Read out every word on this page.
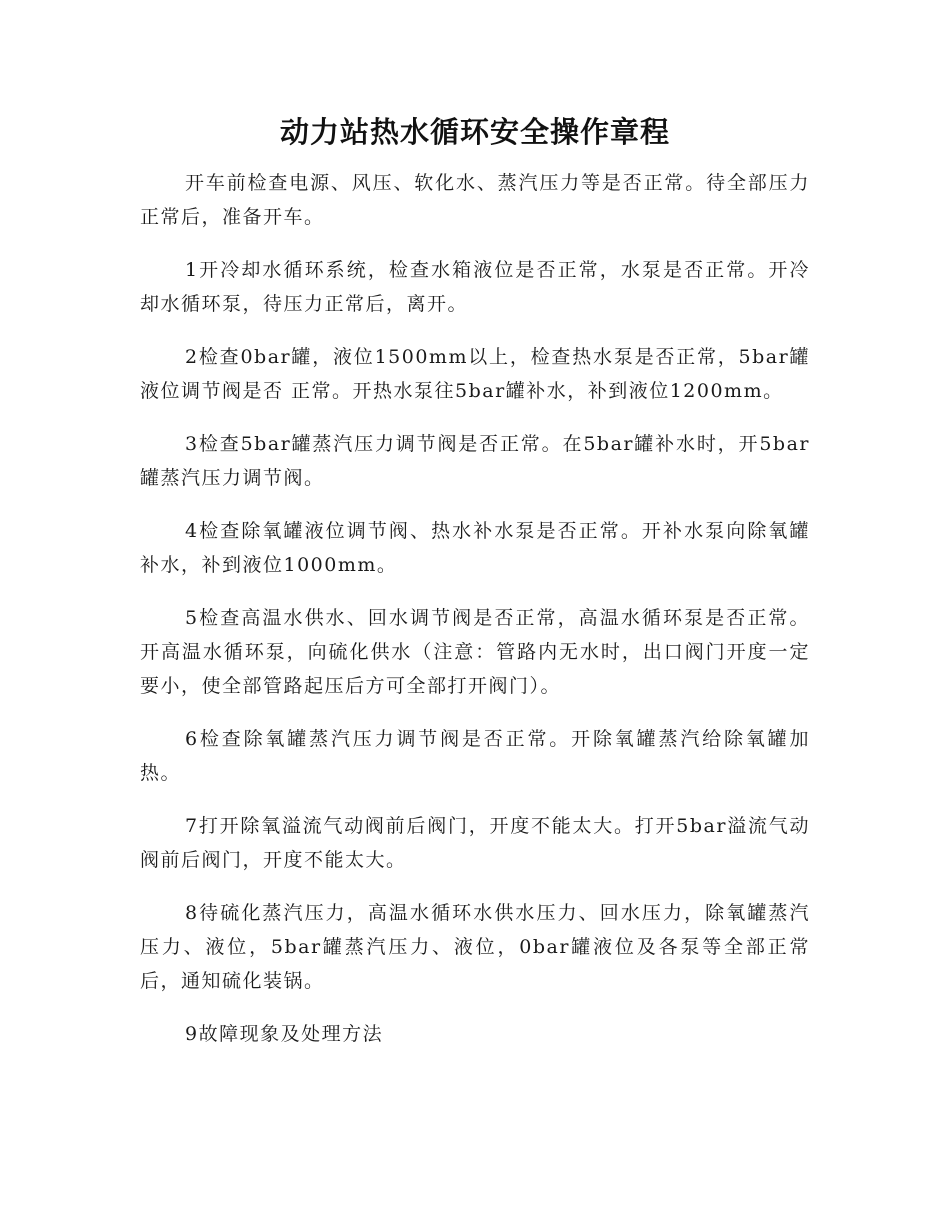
动力站热水循环安全操作章程

开车前检查电源、风压、软化水、蒸汽压力等是否正常。待全部压力正常后，准备开车。

1开冷却水循环系统，检查水箱液位是否正常，水泵是否正常。开冷却水循环泵，待压力正常后，离开。

2检查0bar罐，液位1500mm以上，检查热水泵是否正常，5bar罐液位调节阀是否 正常。开热水泵往5bar罐补水，补到液位1200mm。

3检查5bar罐蒸汽压力调节阀是否正常。在5bar罐补水时，开5bar罐蒸汽压力调节阀。

4检查除氧罐液位调节阀、热水补水泵是否正常。开补水泵向除氧罐补水，补到液位1000mm。

5检查高温水供水、回水调节阀是否正常，高温水循环泵是否正常。开高温水循环泵，向硫化供水（注意：管路内无水时，出口阀门开度一定要小，使全部管路起压后方可全部打开阀门）。

6检查除氧罐蒸汽压力调节阀是否正常。开除氧罐蒸汽给除氧罐加热。

7打开除氧溢流气动阀前后阀门，开度不能太大。打开5bar溢流气动阀前后阀门，开度不能太大。

8待硫化蒸汽压力，高温水循环水供水压力、回水压力，除氧罐蒸汽压力、液位，5bar罐蒸汽压力、液位，0bar罐液位及各泵等全部正常后，通知硫化装锅。

9故障现象及处理方法
